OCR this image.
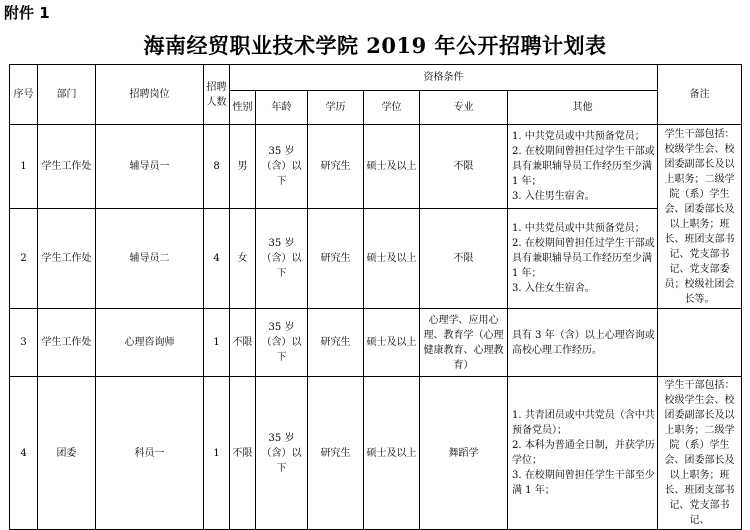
附件 1
海南经贸职业技术学院 2019 年公开招聘计划表
序号	部门	招聘岗位	招聘人数	资格条件						备注
				性别	年龄	学历	学位	专业	其他	
1	学生工作处	辅导员一	8	男	35 岁（含）以下	研究生	硕士及以上	不限	1. 中共党员或中共预备党员；
2. 在校期间曾担任过学生干部或具有兼职辅导员工作经历至少满 1 年；
3. 入住男生宿舍。	学生干部包括：校级学生会、校团委副部长及以上职务；二级学院（系）学生会、团委部长及以上职务；班长、班团支部书记、党支部书记、党支部委员；校级社团会长等。
2	学生工作处	辅导员二	4	女	35 岁（含）以下	研究生	硕士及以上	不限	1. 中共党员或中共预备党员；
2. 在校期间曾担任过学生干部或具有兼职辅导员工作经历至少满 1 年；
3. 入住女生宿舍。	

3	学生工作处	心理咨询师	1	不限	35 岁（含）以下	研究生	硕士及以上	心理学、应用心理、教育学（心理健康教育、心理教育）	具有 3 年（含）以上心理咨询或高校心理工作经历。	

4	团委	科员一	1	不限	35 岁（含）以下	研究生	硕士及以上	舞蹈学	1. 共青团员或中共党员（含中共预备党员）；
2. 本科为普通全日制，并获学历学位；
3. 在校期间曾担任学生干部至少满 1 年；	学生干部包括：校级学生会、校团委副部长及以上职务；二级学院（系）学生会、团委部长及以上职务；班长、班团支部书记、党支部书记、
